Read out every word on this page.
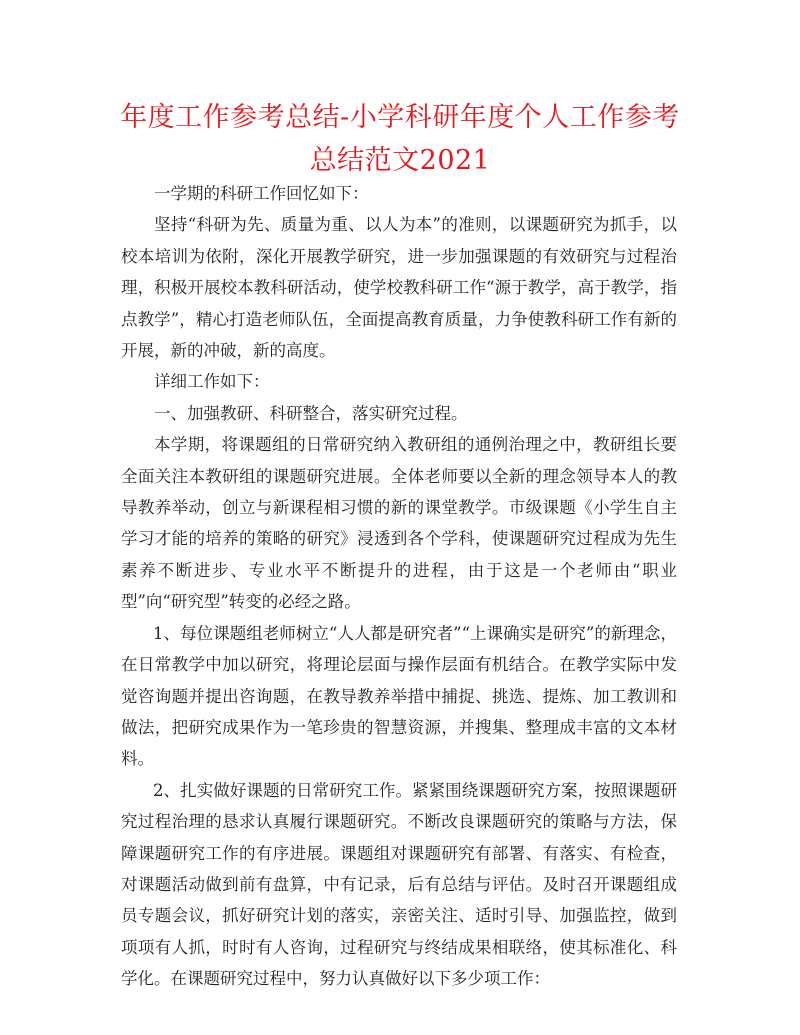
年度工作参考总结-小学科研年度个人工作参考总结范文2021

一学期的科研工作回忆如下：

坚持“科研为先、质量为重、以人为本”的准则，以课题研究为抓手，以校本培训为依附，深化开展教学研究，进一步加强课题的有效研究与过程治理，积极开展校本教科研活动，使学校教科研工作“源于教学，高于教学，指点教学”，精心打造老师队伍，全面提高教育质量，力争使教科研工作有新的开展，新的冲破，新的高度。

详细工作如下：

一、加强教研、科研整合，落实研究过程。

本学期，将课题组的日常研究纳入教研组的通例治理之中，教研组长要全面关注本教研组的课题研究进展。全体老师要以全新的理念领导本人的教导教养举动，创立与新课程相习惯的新的课堂教学。市级课题《小学生自主学习才能的培养的策略的研究》浸透到各个学科，使课题研究过程成为先生素养不断进步、专业水平不断提升的进程，由于这是一个老师由“职业型”向“研究型”转变的必经之路。

1、每位课题组老师树立“人人都是研究者”“上课确实是研究”的新理念，在日常教学中加以研究，将理论层面与操作层面有机结合。在教学实际中发觉咨询题并提出咨询题，在教导教养举措中捕捉、挑选、提炼、加工教训和做法，把研究成果作为一笔珍贵的智慧资源，并搜集、整理成丰富的文本材料。

2、扎实做好课题的日常研究工作。紧紧围绕课题研究方案，按照课题研究过程治理的恳求认真履行课题研究。不断改良课题研究的策略与方法，保障课题研究工作的有序进展。课题组对课题研究有部署、有落实、有检查，对课题活动做到前有盘算，中有记录，后有总结与评估。及时召开课题组成员专题会议，抓好研究计划的落实，亲密关注、适时引导、加强监控，做到项项有人抓，时时有人咨询，过程研究与终结成果相联络，使其标准化、科学化。在课题研究过程中，努力认真做好以下多少项工作：
